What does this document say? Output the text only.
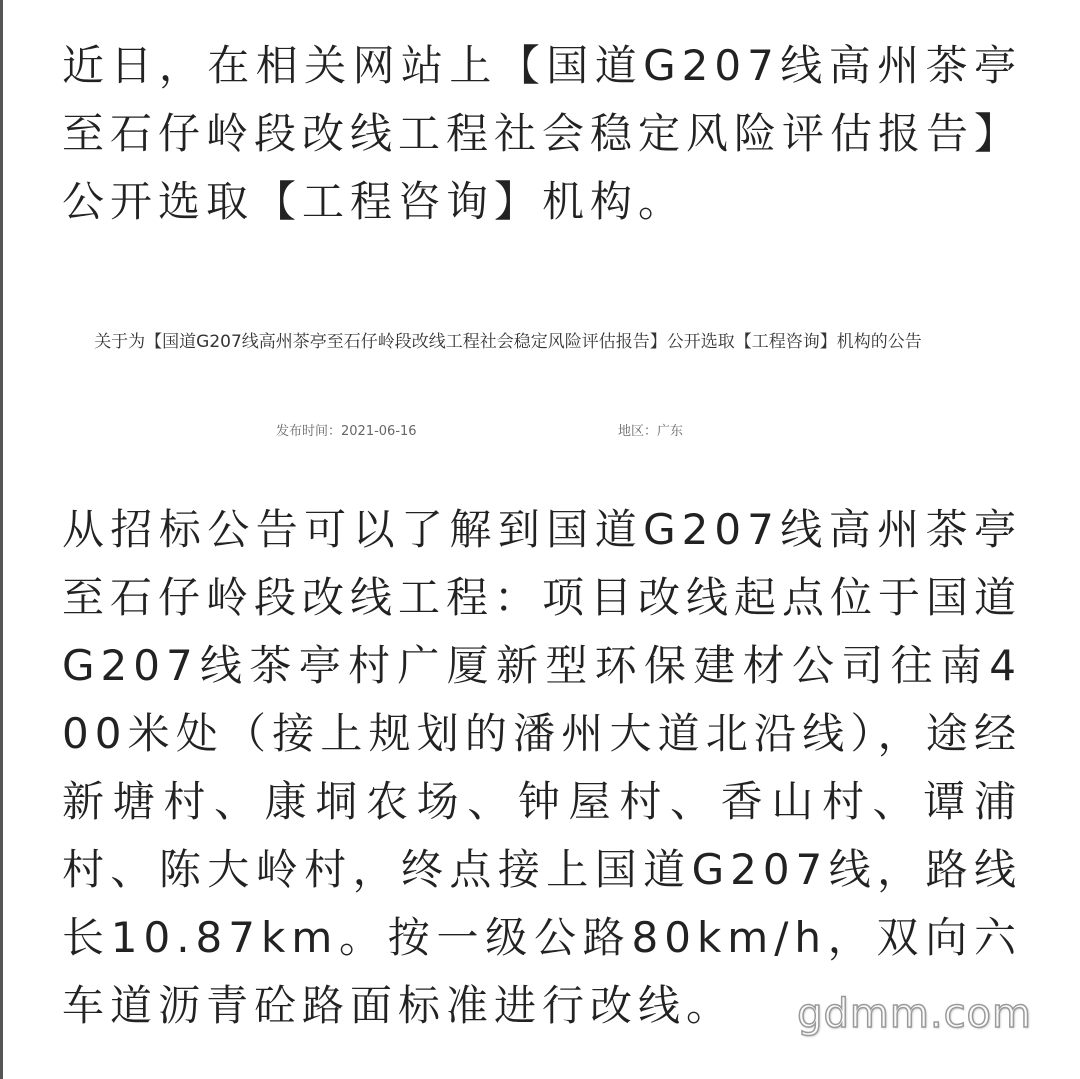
近日，在相关网站上【国道G207线高州茶亭至石仔岭段改线工程社会稳定风险评估报告】公开选取【工程咨询】机构。

关于为【国道G207线高州茶亭至石仔岭段改线工程社会稳定风险评估报告】公开选取【工程咨询】机构的公告
发布时间：2021-06-16	地区：广东

从招标公告可以了解到国道G207线高州茶亭至石仔岭段改线工程：项目改线起点位于国道G207线茶亭村广厦新型环保建材公司往南400米处（接上规划的潘州大道北沿线），途经新塘村、康垌农场、钟屋村、香山村、谭浦村、陈大岭村，终点接上国道G207线，路线长10.87km。按一级公路80km/h，双向六车道沥青砼路面标准进行改线。	gdmm.com
